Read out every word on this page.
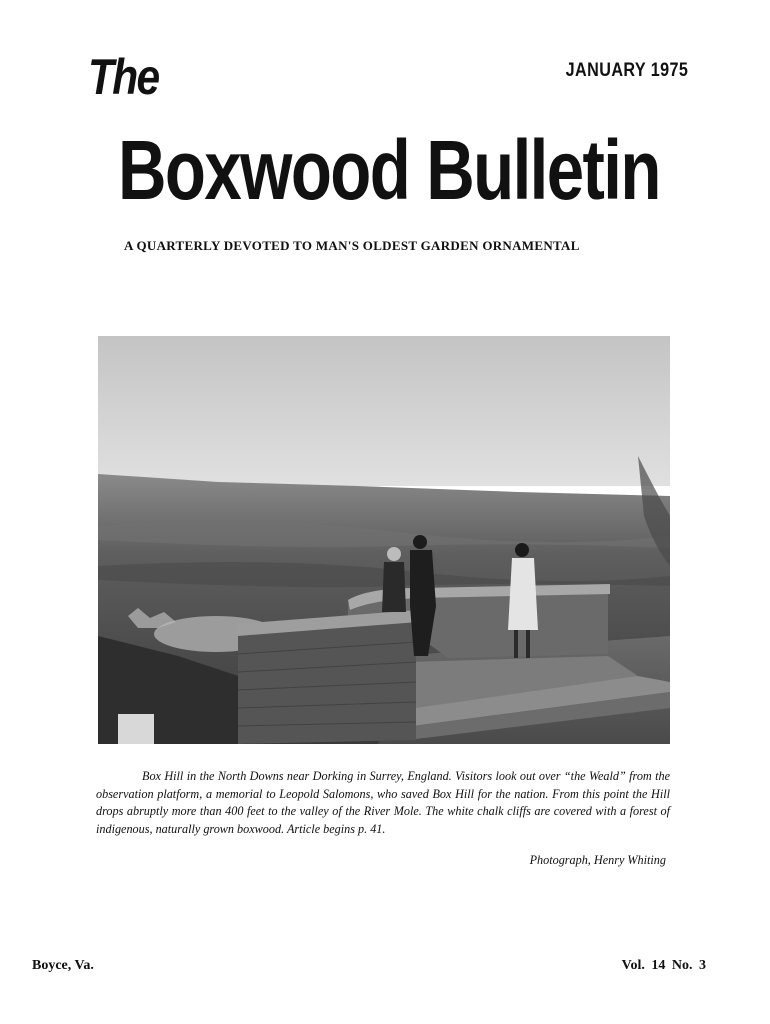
The	JANUARY 1975
Boxwood Bulletin
A QUARTERLY DEVOTED TO MAN'S OLDEST GARDEN ORNAMENTAL

Box Hill in the North Downs near Dorking in Surrey, England. Visitors look out over “the Weald” from the observation platform, a memorial to Leopold Salomons, who saved Box Hill for the nation. From this point the Hill drops abruptly more than 400 feet to the valley of the River Mole. The white chalk cliffs are covered with a forest of indigenous, naturally grown boxwood. Article begins p. 41.

Photograph, Henry Whiting
Boyce, Va.	Vol. 14 No. 3
